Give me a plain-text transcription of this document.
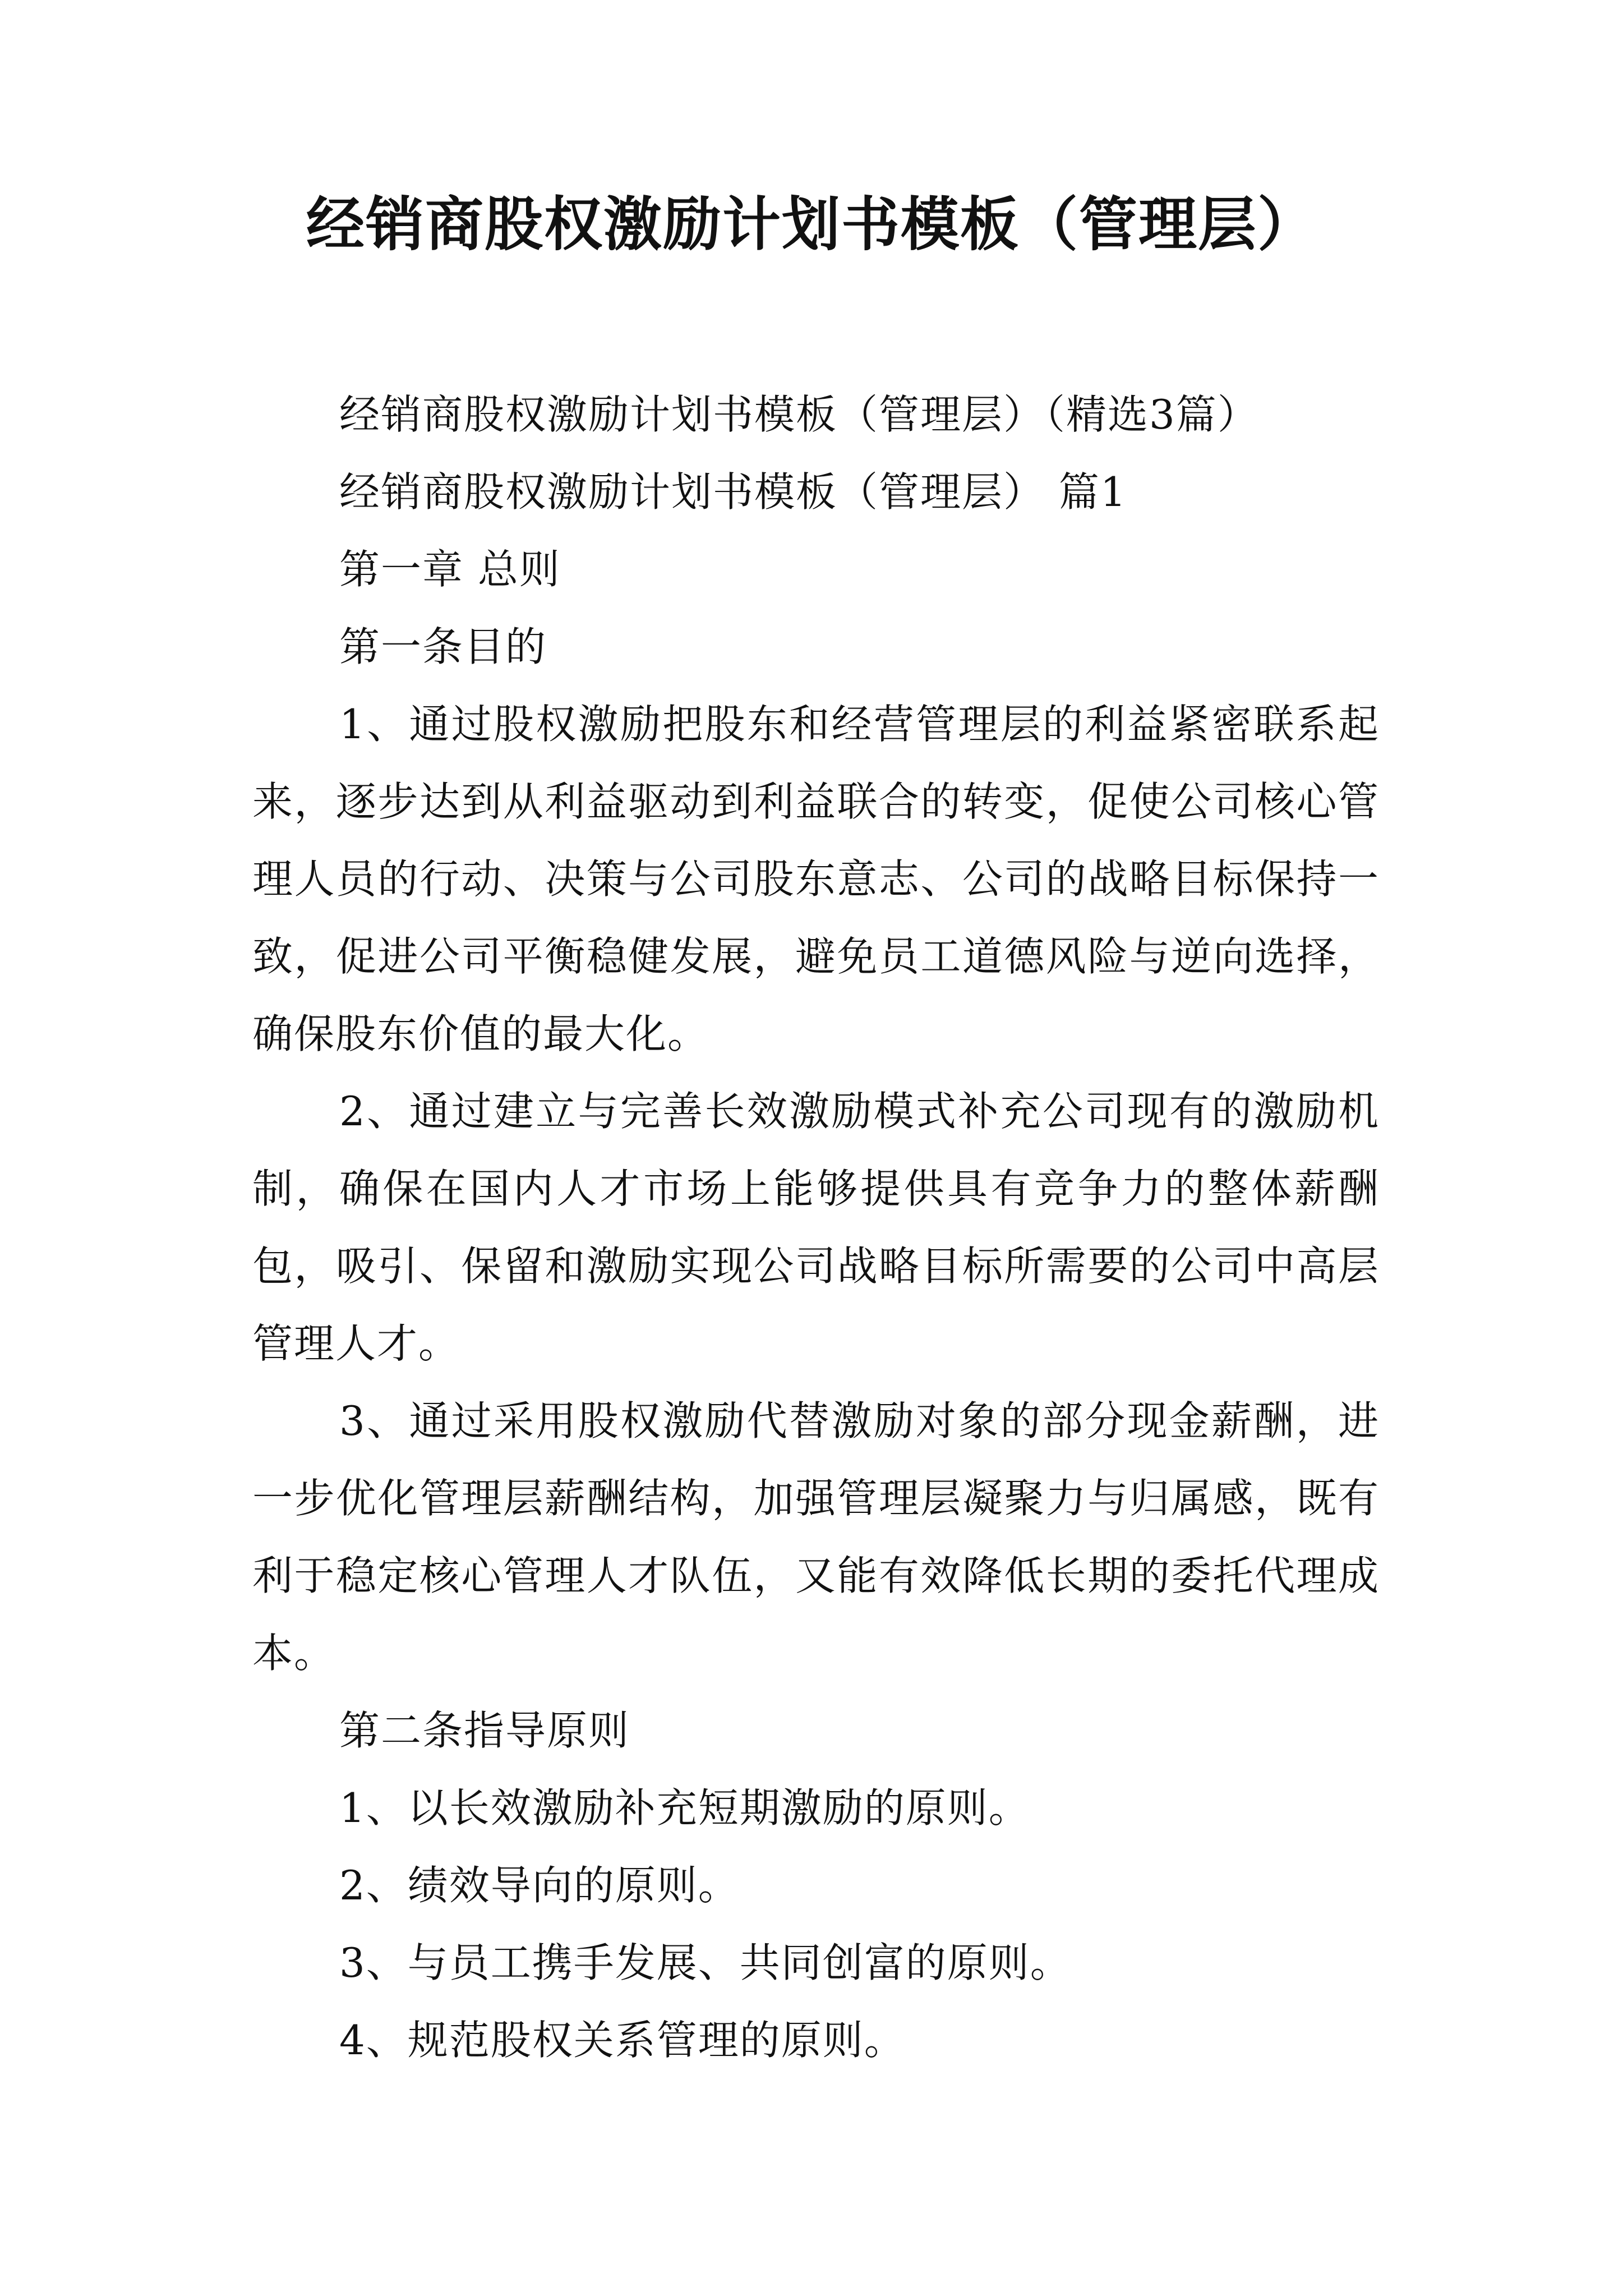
经销商股权激励计划书模板（管理层）

经销商股权激励计划书模板（管理层）（精选3篇）

经销商股权激励计划书模板（管理层） 篇1

第一章 总则

第一条目的

1、通过股权激励把股东和经营管理层的利益紧密联系起来，逐步达到从利益驱动到利益联合的转变，促使公司核心管理人员的行动、决策与公司股东意志、公司的战略目标保持一致，促进公司平衡稳健发展，避免员工道德风险与逆向选择，确保股东价值的最大化。

2、通过建立与完善长效激励模式补充公司现有的激励机制，确保在国内人才市场上能够提供具有竞争力的整体薪酬包，吸引、保留和激励实现公司战略目标所需要的公司中高层管理人才。

3、通过采用股权激励代替激励对象的部分现金薪酬，进一步优化管理层薪酬结构，加强管理层凝聚力与归属感，既有利于稳定核心管理人才队伍，又能有效降低长期的委托代理成本。

第二条指导原则

1、以长效激励补充短期激励的原则。

2、绩效导向的原则。

3、与员工携手发展、共同创富的原则。

4、规范股权关系管理的原则。
